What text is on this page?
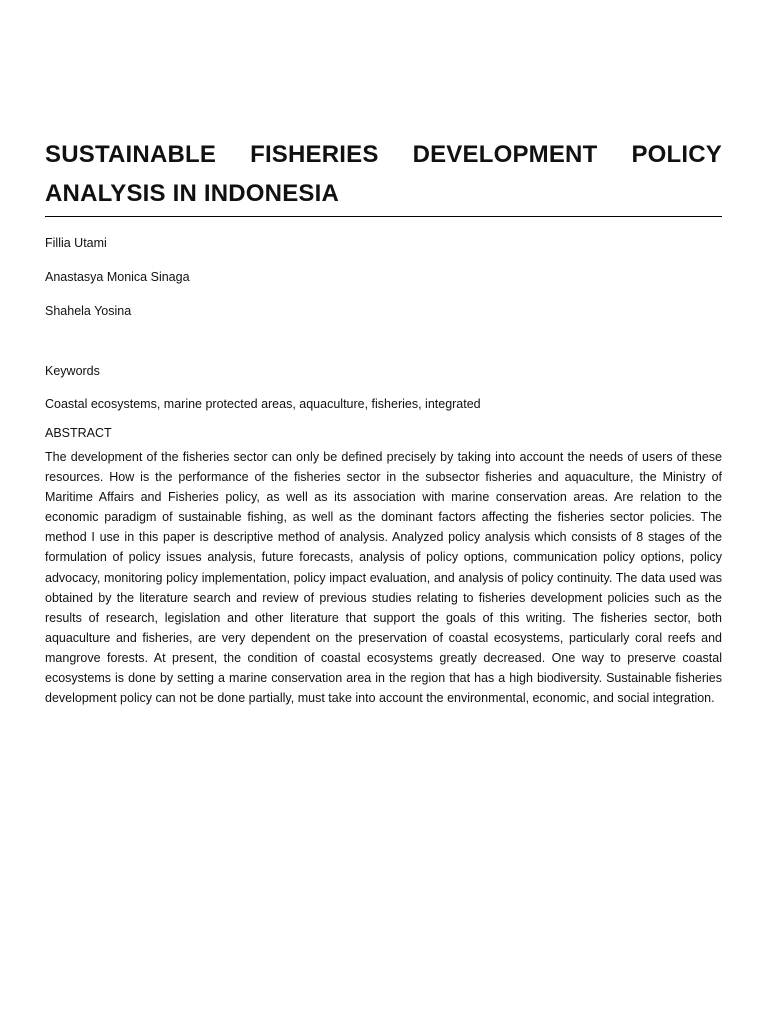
SUSTAINABLE FISHERIES DEVELOPMENT POLICY ANALYSIS IN INDONESIA

Fillia Utami

Anastasya Monica Sinaga

Shahela Yosina

Keywords

Coastal ecosystems, marine protected areas, aquaculture, fisheries, integrated

ABSTRACT

The development of the fisheries sector can only be defined precisely by taking into account the needs of users of these resources. How is the performance of the fisheries sector in the subsector fisheries and aquaculture, the Ministry of Maritime Affairs and Fisheries policy, as well as its association with marine conservation areas. Are relation to the economic paradigm of sustainable fishing, as well as the dominant factors affecting the fisheries sector policies. The method I use in this paper is descriptive method of analysis. Analyzed policy analysis which consists of 8 stages of the formulation of policy issues analysis, future forecasts, analysis of policy options, communication policy options, policy advocacy, monitoring policy implementation, policy impact evaluation, and analysis of policy continuity. The data used was obtained by the literature search and review of previous studies relating to fisheries development policies such as the results of research, legislation and other literature that support the goals of this writing. The fisheries sector, both aquaculture and fisheries, are very dependent on the preservation of coastal ecosystems, particularly coral reefs and mangrove forests. At present, the condition of coastal ecosystems greatly decreased. One way to preserve coastal ecosystems is done by setting a marine conservation area in the region that has a high biodiversity. Sustainable fisheries development policy can not be done partially, must take into account the environmental, economic, and social integration.
